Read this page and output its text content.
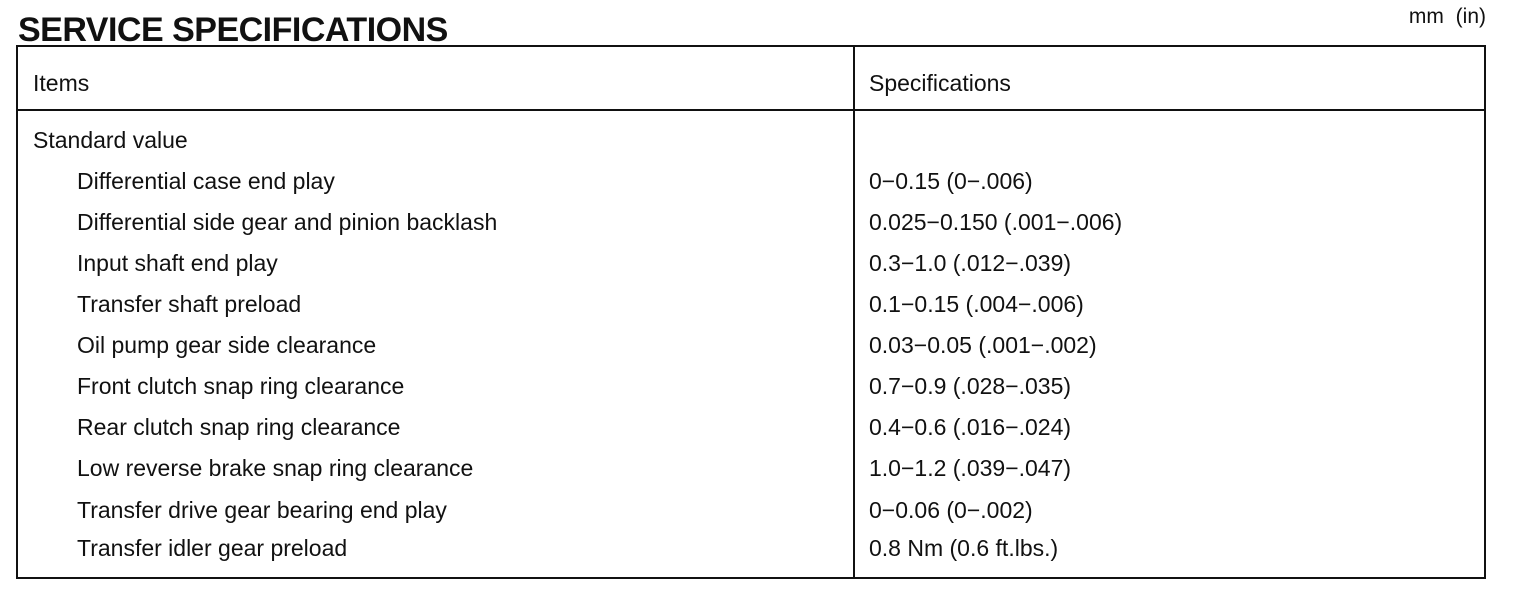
SERVICE SPECIFICATIONS	mm (in)
Items	Specifications
Standard value
Differential case end play	0−0.15 (0−.006)
Differential side gear and pinion backlash	0.025−0.150 (.001−.006)
Input shaft end play	0.3−1.0 (.012−.039)
Transfer shaft preload	0.1−0.15 (.004−.006)
Oil pump gear side clearance	0.03−0.05 (.001−.002)
Front clutch snap ring clearance	0.7−0.9 (.028−.035)
Rear clutch snap ring clearance	0.4−0.6 (.016−.024)
Low reverse brake snap ring clearance	1.0−1.2 (.039−.047)
Transfer drive gear bearing end play	0−0.06 (0−.002)
Transfer idler gear preload	0.8 Nm (0.6 ft.lbs.)
